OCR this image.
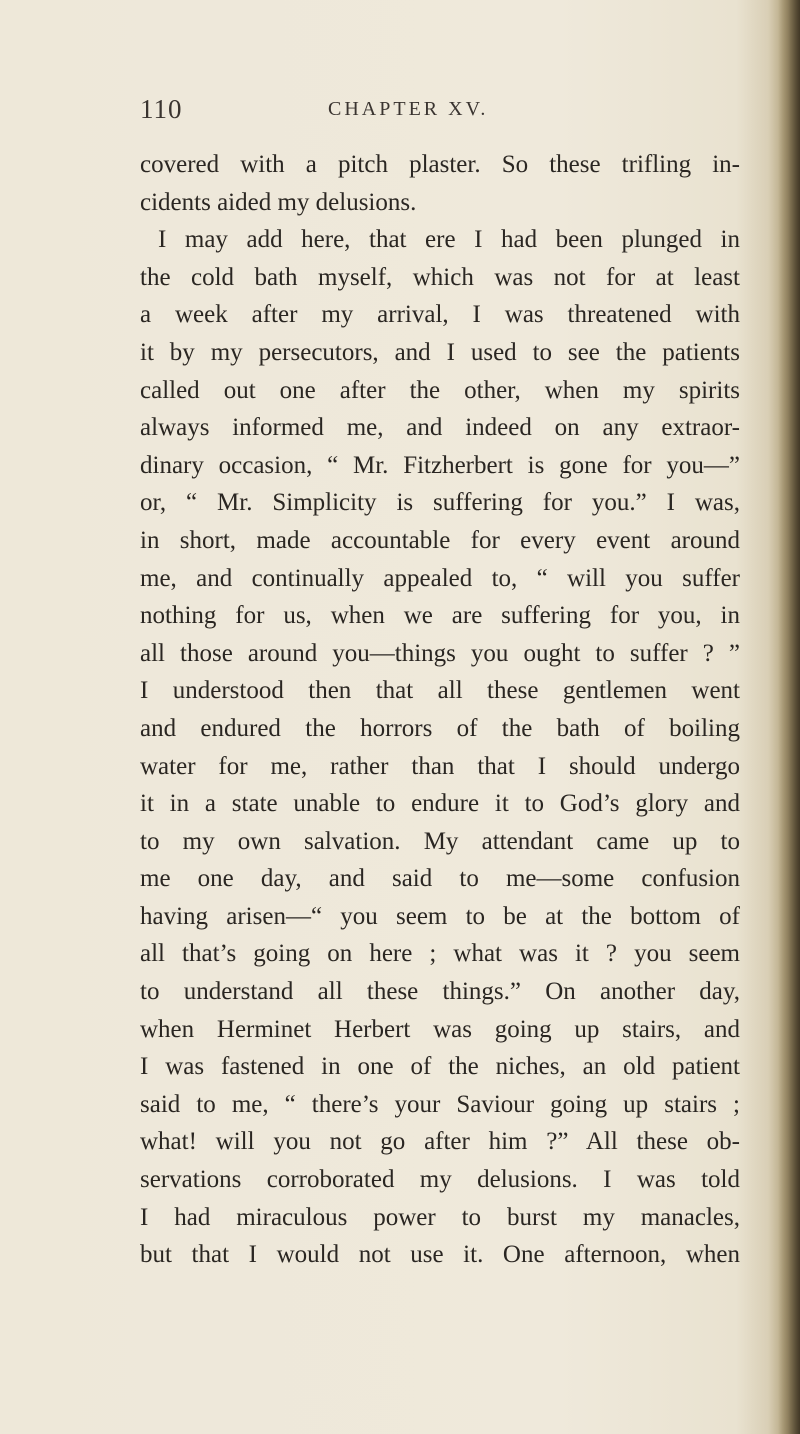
110	CHAPTER XV.
covered with a pitch plaster. So these trifling in-
cidents aided my delusions.
I may add here, that ere I had been plunged in
the cold bath myself, which was not for at least
a week after my arrival, I was threatened with
it by my persecutors, and I used to see the patients
called out one after the other, when my spirits
always informed me, and indeed on any extraor-
dinary occasion, “ Mr. Fitzherbert is gone for you—”
or, “ Mr. Simplicity is suffering for you.” I was,
in short, made accountable for every event around
me, and continually appealed to, “ will you suffer
nothing for us, when we are suffering for you, in
all those around you—things you ought to suffer ? ”
I understood then that all these gentlemen went
and endured the horrors of the bath of boiling
water for me, rather than that I should undergo
it in a state unable to endure it to God’s glory and
to my own salvation. My attendant came up to
me one day, and said to me—some confusion
having arisen—“ you seem to be at the bottom of
all that’s going on here ; what was it ? you seem
to understand all these things.” On another day,
when Herminet Herbert was going up stairs, and
I was fastened in one of the niches, an old patient
said to me, “ there’s your Saviour going up stairs ;
what! will you not go after him ?” All these ob-
servations corroborated my delusions. I was told
I had miraculous power to burst my manacles,
but that I would not use it. One afternoon, when
